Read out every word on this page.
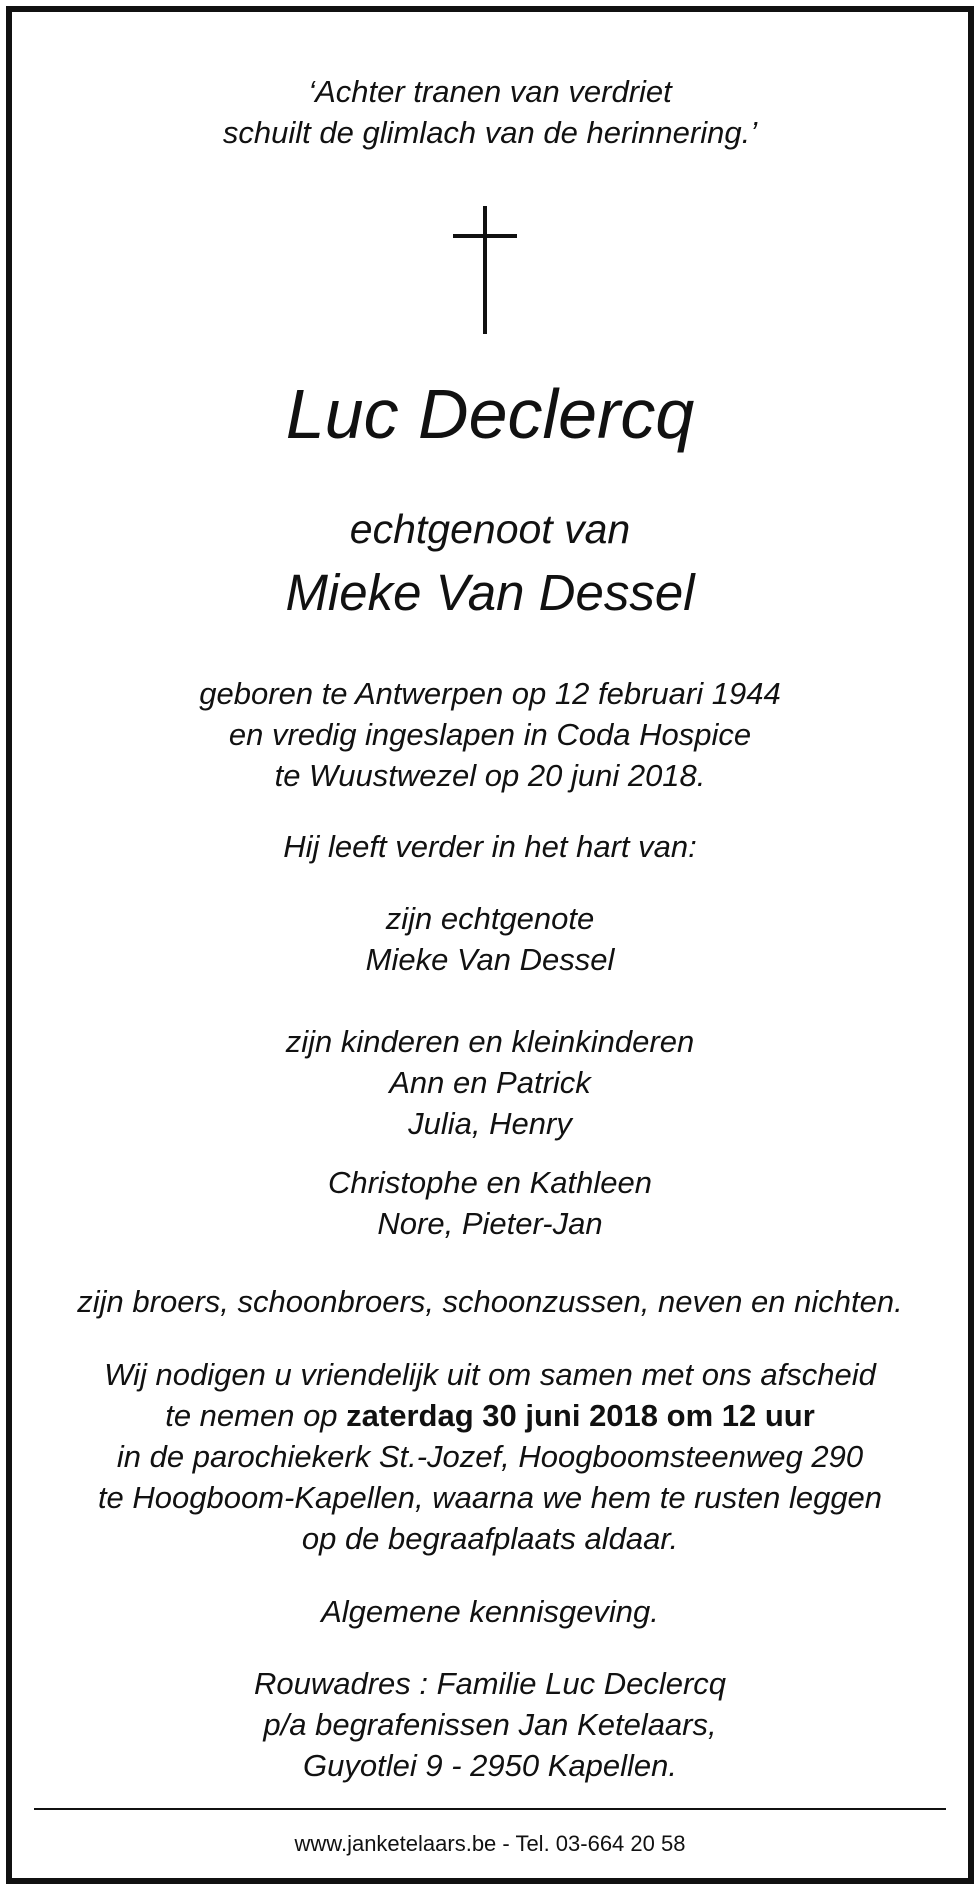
‘Achter tranen van verdriet
schuilt de glimlach van de herinnering.’
Luc Declercq
echtgenoot van
Mieke Van Dessel
geboren te Antwerpen op 12 februari 1944
en vredig ingeslapen in Coda Hospice
te Wuustwezel op 20 juni 2018.
Hij leeft verder in het hart van:
zijn echtgenote
Mieke Van Dessel
zijn kinderen en kleinkinderen
Ann en Patrick
Julia, Henry
Christophe en Kathleen
Nore, Pieter-Jan
zijn broers, schoonbroers, schoonzussen, neven en nichten.
Wij nodigen u vriendelijk uit om samen met ons afscheid
te nemen op zaterdag 30 juni 2018 om 12 uur
in de parochiekerk St.-Jozef, Hoogboomsteenweg 290
te Hoogboom-Kapellen, waarna we hem te rusten leggen
op de begraafplaats aldaar.
Algemene kennisgeving.
Rouwadres : Familie Luc Declercq
p/a begrafenissen Jan Ketelaars,
Guyotlei 9 - 2950 Kapellen.
www.janketelaars.be - Tel. 03-664 20 58
